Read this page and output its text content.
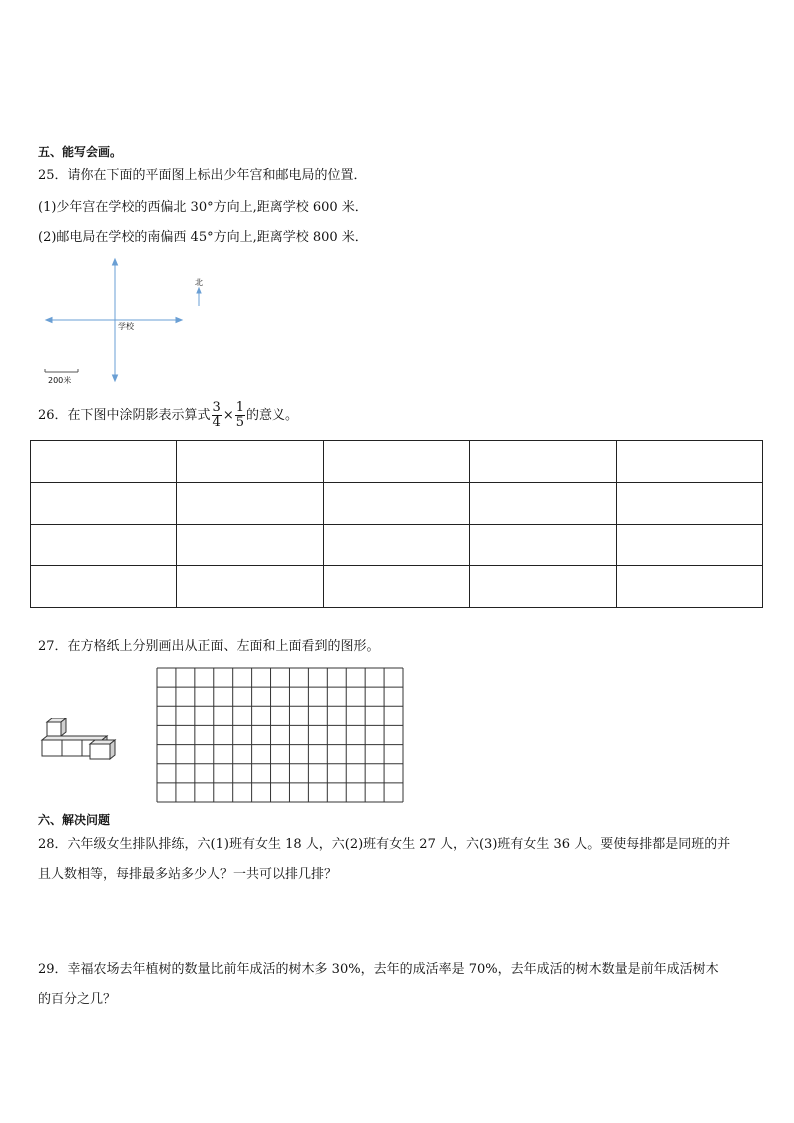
五、能写会画。
25．请你在下面的平面图上标出少年宫和邮电局的位置．
(1)少年宫在学校的西偏北 30°方向上,距离学校 600 米．
(2)邮电局在学校的南偏西 45°方向上,距离学校 800 米．
学校
北
200米
26．在下图中涂阴影表示算式 $\frac{3}{4} \times \frac{1}{5}$ 的意义。

27．在方格纸上分别画出从正面、左面和上面看到的图形。
六、解决问题
28．六年级女生排队排练，六(1)班有女生 18 人，六(2)班有女生 27 人，六(3)班有女生 36 人。要使每排都是同班的并
且人数相等，每排最多站多少人？一共可以排几排？
29．幸福农场去年植树的数量比前年成活的树木多 30%，去年的成活率是 70%，去年成活的树木数量是前年成活树木
的百分之几？
